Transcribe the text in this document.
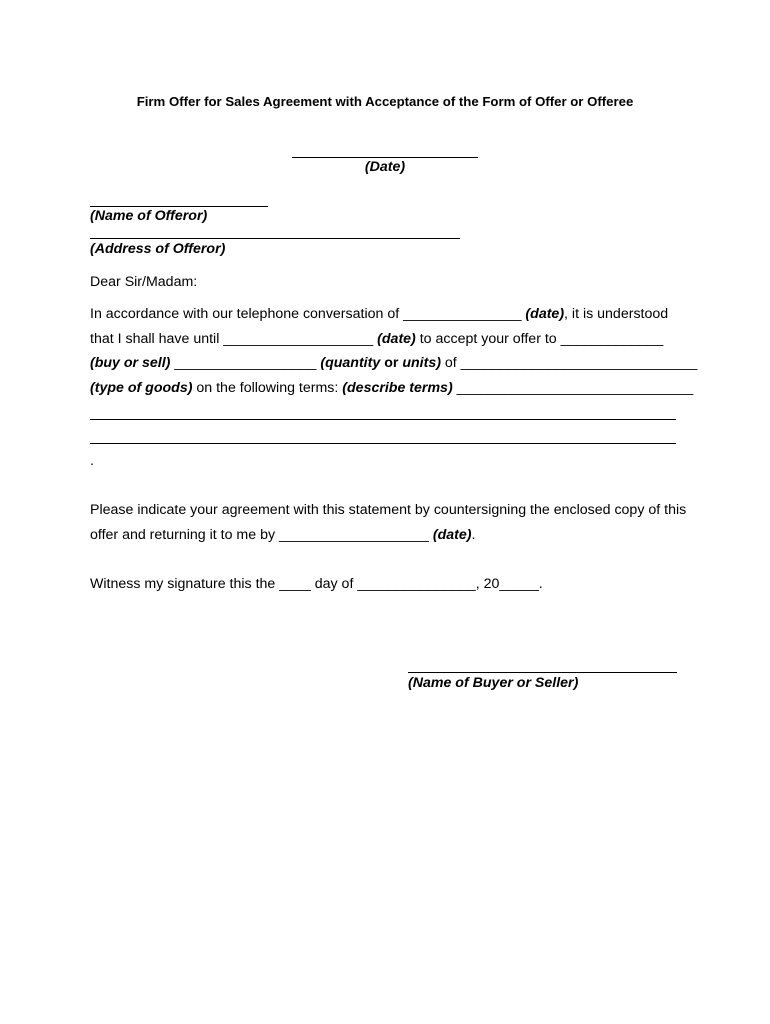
Firm Offer for Sales Agreement with Acceptance of the Form of Offer or Offeree
(Date)
(Name of Offeror)
(Address of Offeror)
Dear Sir/Madam:
In accordance with our telephone conversation of _______________ (date), it is understood
that I shall have until ___________________ (date) to accept your offer to _____________
(buy or sell) __________________ (quantity or units) of ______________________________
(type of goods) on the following terms: (describe terms) ______________________________
.
Please indicate your agreement with this statement by countersigning the enclosed copy of this
offer and returning it to me by ___________________ (date).
Witness my signature this the ____ day of _______________, 20_____.
(Name of Buyer or Seller)
